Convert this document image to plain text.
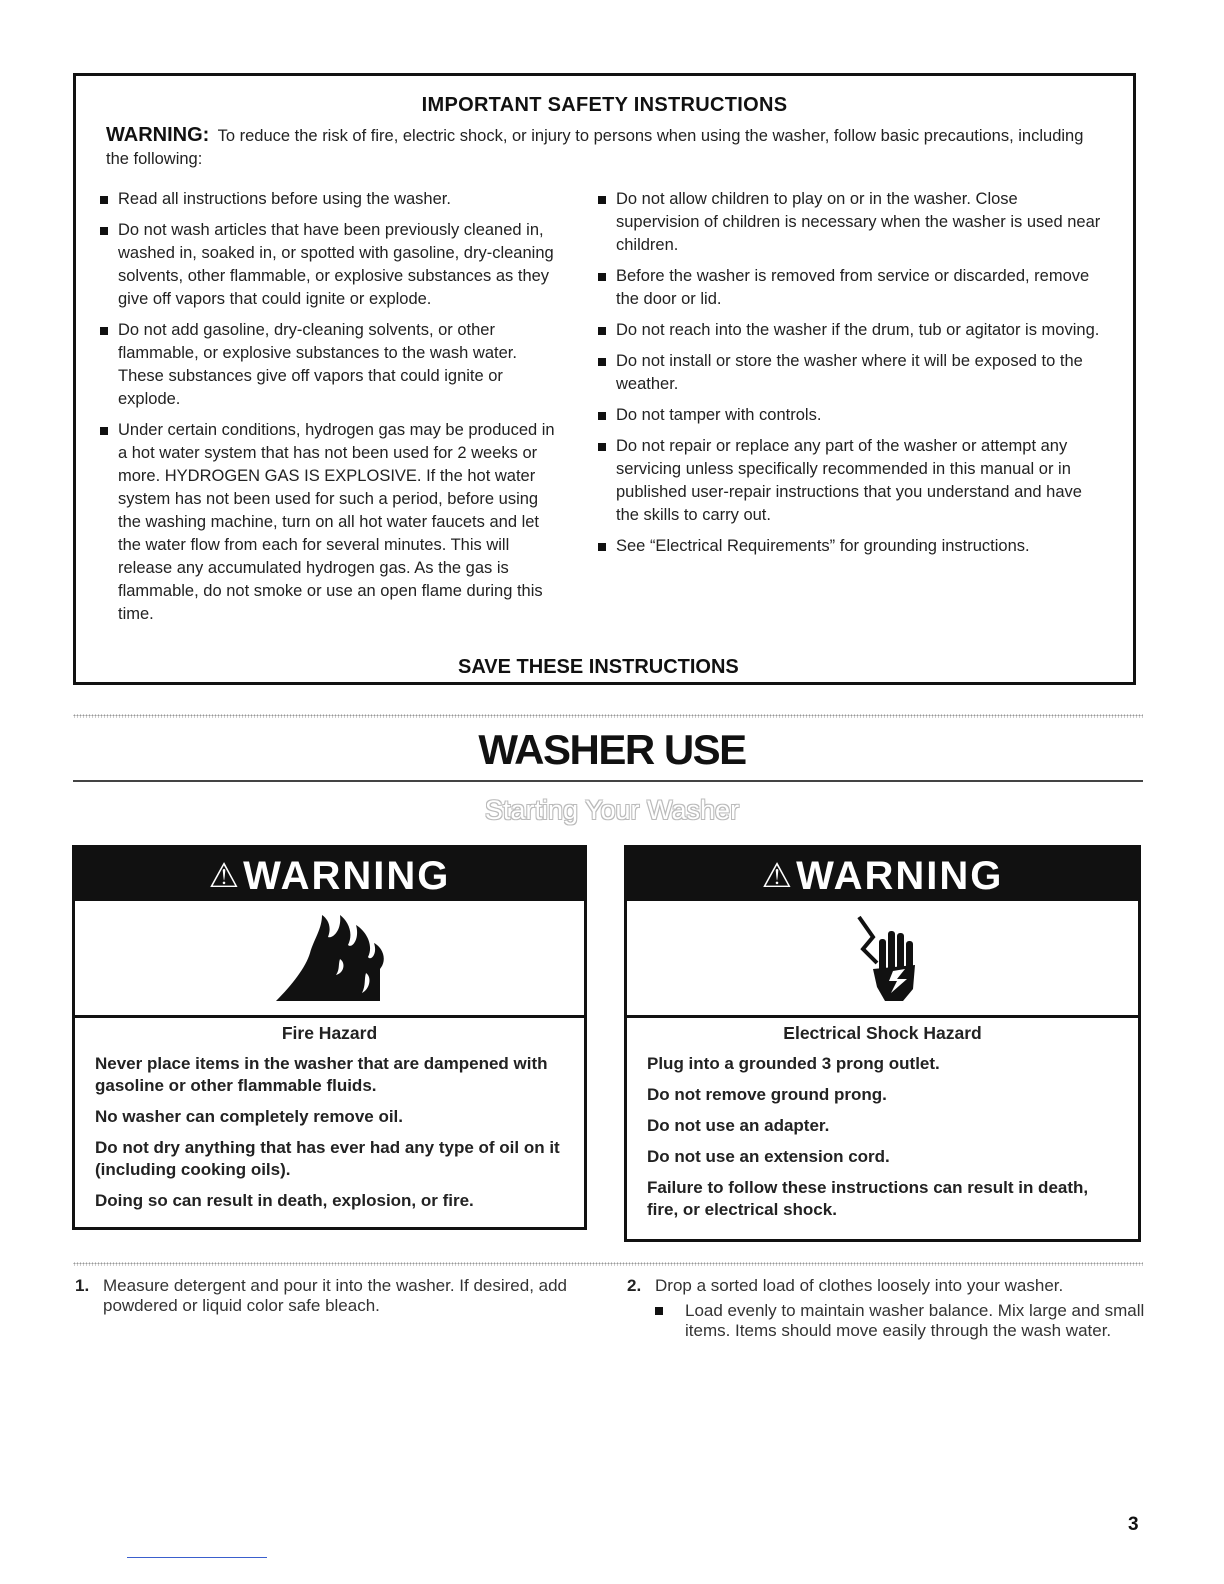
IMPORTANT SAFETY INSTRUCTIONS
WARNING: To reduce the risk of fire, electric shock, or injury to persons when using the washer, follow basic precautions, including the following:
Read all instructions before using the washer.
Do not wash articles that have been previously cleaned in, washed in, soaked in, or spotted with gasoline, dry-cleaning solvents, other flammable, or explosive substances as they give off vapors that could ignite or explode.
Do not add gasoline, dry-cleaning solvents, or other flammable, or explosive substances to the wash water. These substances give off vapors that could ignite or explode.
Under certain conditions, hydrogen gas may be produced in a hot water system that has not been used for 2 weeks or more. HYDROGEN GAS IS EXPLOSIVE. If the hot water system has not been used for such a period, before using the washing machine, turn on all hot water faucets and let the water flow from each for several minutes. This will release any accumulated hydrogen gas. As the gas is flammable, do not smoke or use an open flame during this time.
Do not allow children to play on or in the washer. Close supervision of children is necessary when the washer is used near children.
Before the washer is removed from service or discarded, remove the door or lid.
Do not reach into the washer if the drum, tub or agitator is moving.
Do not install or store the washer where it will be exposed to the weather.
Do not tamper with controls.
Do not repair or replace any part of the washer or attempt any servicing unless specifically recommended in this manual or in published user-repair instructions that you understand and have the skills to carry out.
See “Electrical Requirements” for grounding instructions.
SAVE THESE INSTRUCTIONS
WASHER USE
Starting Your Washer
⚠WARNING
Fire Hazard
Never place items in the washer that are dampened with gasoline or other flammable fluids.
No washer can completely remove oil.
Do not dry anything that has ever had any type of oil on it (including cooking oils).
Doing so can result in death, explosion, or fire.
⚠WARNING
Electrical Shock Hazard
Plug into a grounded 3 prong outlet.
Do not remove ground prong.
Do not use an adapter.
Do not use an extension cord.
Failure to follow these instructions can result in death, fire, or electrical shock.
1. Measure detergent and pour it into the washer. If desired, add powdered or liquid color safe bleach.
2. Drop a sorted load of clothes loosely into your washer.
Load evenly to maintain washer balance. Mix large and small items. Items should move easily through the wash water.
3
